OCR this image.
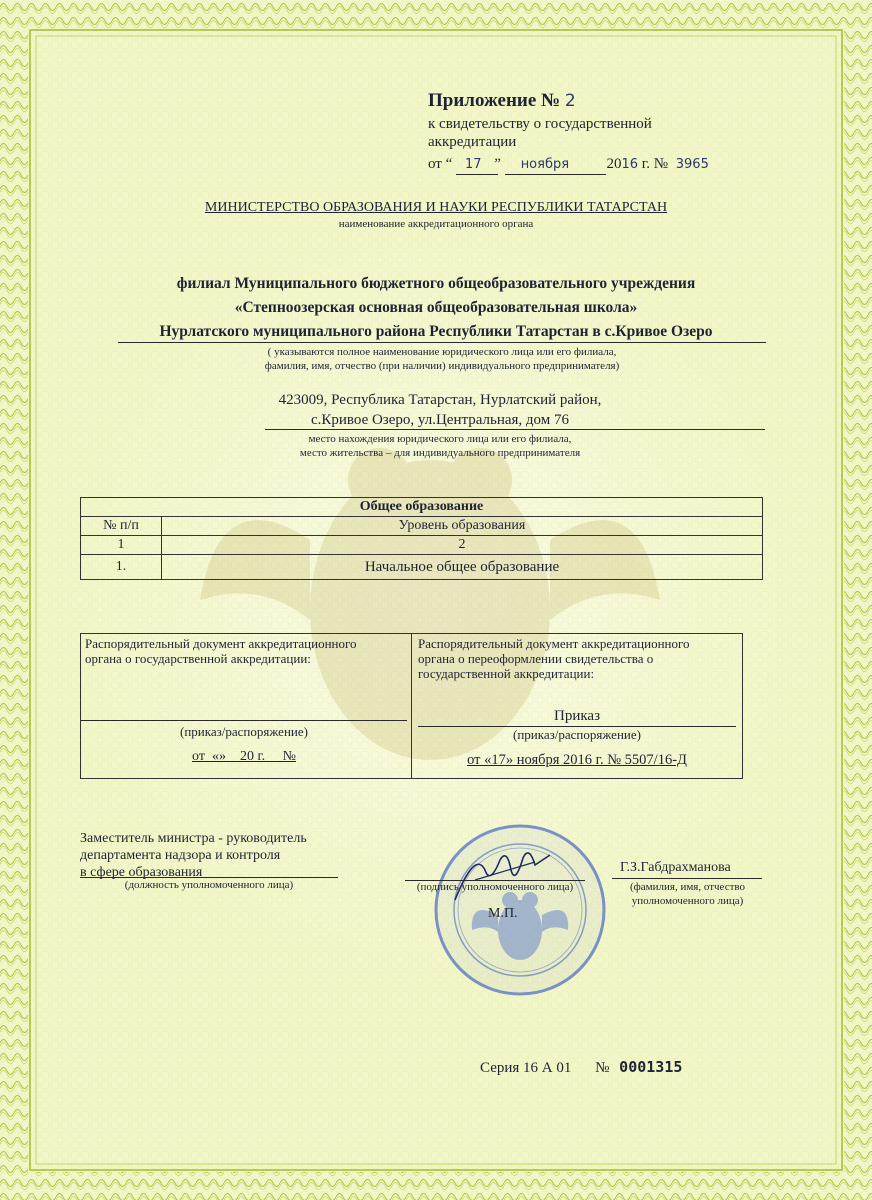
Приложение № 2
к свидетельству о государственной
аккредитации
от “ 17 ” ноября 2016 г. № 3965
МИНИСТЕРСТВО ОБРАЗОВАНИЯ И НАУКИ РЕСПУБЛИКИ ТАТАРСТАН
наименование аккредитационного органа
филиал Муниципального бюджетного общеобразовательного учреждения
«Степноозерская основная общеобразовательная школа»
Нурлатского муниципального района Республики Татарстан в с.Кривое Озеро
( указываются полное наименование юридического лица или его филиала,
фамилия, имя, отчество (при наличии) индивидуального предпринимателя)
423009, Республика Татарстан, Нурлатский район,
с.Кривое Озеро, ул.Центральная, дом 76
место нахождения юридического лица или его филиала,
место жительства – для индивидуального предпринимателя
Общее образование	
№ п/п	Уровень образования
1	2
1.	Начальное общее образование
Распорядительный документ аккредитационного органа о государственной аккредитации:
(приказ/распоряжение)
от  «»    20 г.     №

Распорядительный документ аккредитационного органа о переоформлении свидетельства о государственной аккредитации:
Приказ
(приказ/распоряжение)
от «17» ноября 2016 г. № 5507/16-Д
Заместитель министра - руководитель
департамента надзора и контроля
в сфере образования
(должность уполномоченного лица)	(подпись уполномоченного лица)
М.П.
Г.З.Габдрахманова
(фамилия, имя, отчество
уполномоченного лица)
Серия 16 А 01 № 0001315
